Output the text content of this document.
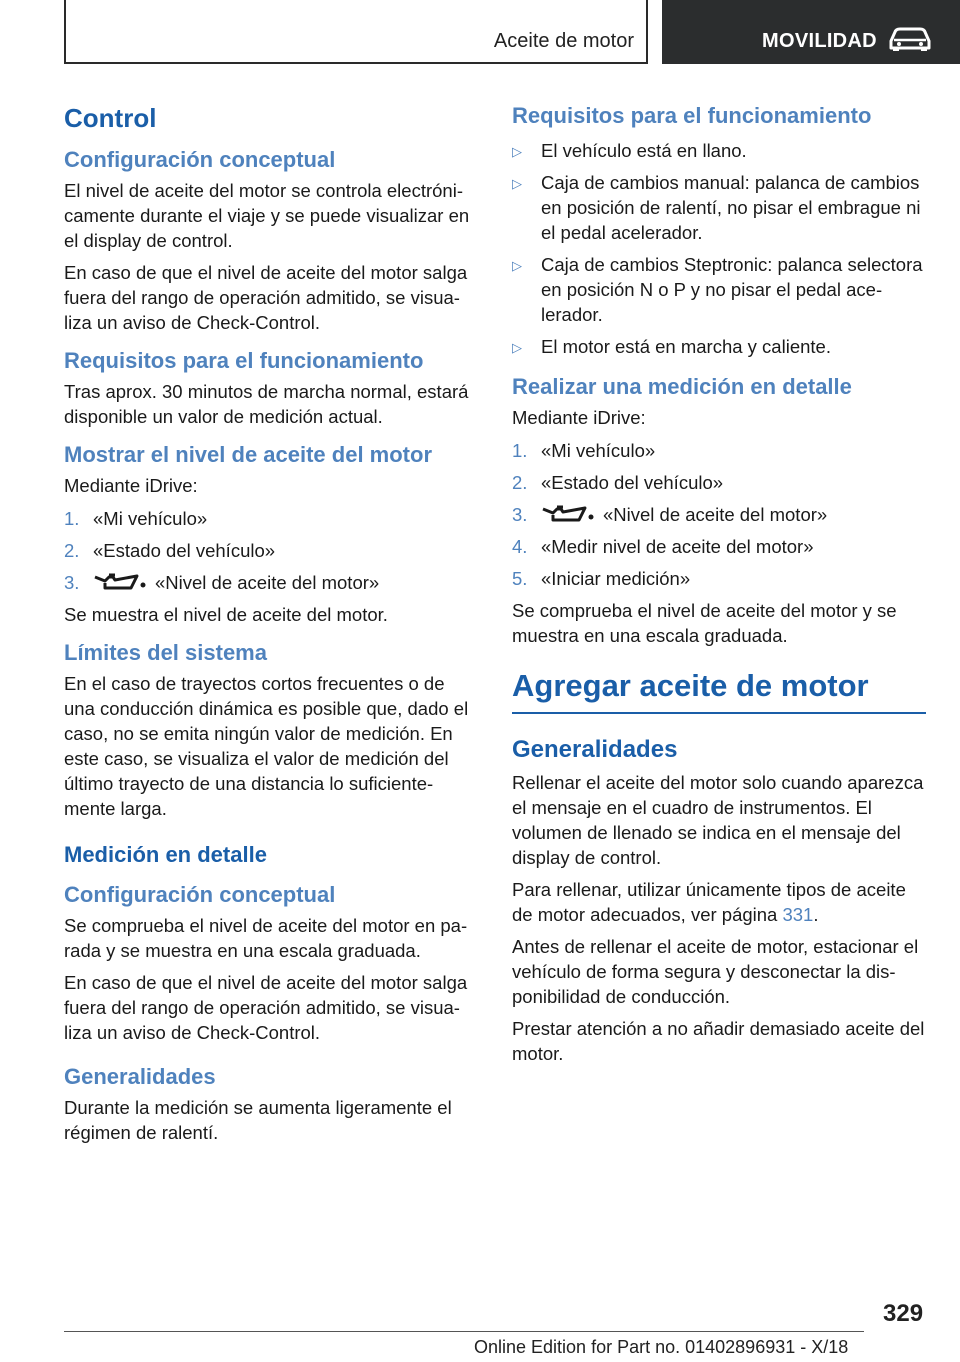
Aceite de motor	MOVILIDAD
Control
Configuración conceptual

El nivel de aceite del motor se controla electrónicamente durante el viaje y se puede visualizar en el display de control.

En caso de que el nivel de aceite del motor salga fuera del rango de operación admitido, se visualiza un aviso de Check-Control.

Requisitos para el funcionamiento

Tras aprox. 30 minutos de marcha normal, estará disponible un valor de medición actual.

Mostrar el nivel de aceite del motor

Mediante iDrive:

1. «Mi vehículo»
2. «Estado del vehículo»
3.	«Nivel de aceite del motor»

Se muestra el nivel de aceite del motor.

Límites del sistema

En el caso de trayectos cortos frecuentes o de una conducción dinámica es posible que, dado el caso, no se emita ningún valor de medición. En este caso, se visualiza el valor de medición del último trayecto de una distancia lo suficientemente larga.

Medición en detalle
Configuración conceptual

Se comprueba el nivel de aceite del motor en parada y se muestra en una escala graduada.

En caso de que el nivel de aceite del motor salga fuera del rango de operación admitido, se visualiza un aviso de Check-Control.

Generalidades

Durante la medición se aumenta ligeramente el régimen de ralentí.

Requisitos para el funcionamiento
▷ El vehículo está en llano.
▷ Caja de cambios manual: palanca de cambios en posición de ralentí, no pisar el embrague ni el pedal acelerador.
▷ Caja de cambios Steptronic: palanca selectora en posición N o P y no pisar el pedal acelerador.
▷ El motor está en marcha y caliente.
Realizar una medición en detalle

Mediante iDrive:

1. «Mi vehículo»
2. «Estado del vehículo»
3.	«Nivel de aceite del motor»
4. «Medir nivel de aceite del motor»
5. «Iniciar medición»

Se comprueba el nivel de aceite del motor y se muestra en una escala graduada.

Agregar aceite de motor
Generalidades

Rellenar el aceite del motor solo cuando aparezca el mensaje en el cuadro de instrumentos. El volumen de llenado se indica en el mensaje del display de control.

Para rellenar, utilizar únicamente tipos de aceite de motor adecuados, ver página 331.

Antes de rellenar el aceite de motor, estacionar el vehículo de forma segura y desconectar la disponibilidad de conducción.

Prestar atención a no añadir demasiado aceite del motor.

329
Online Edition for Part no. 01402896931 - X/18
